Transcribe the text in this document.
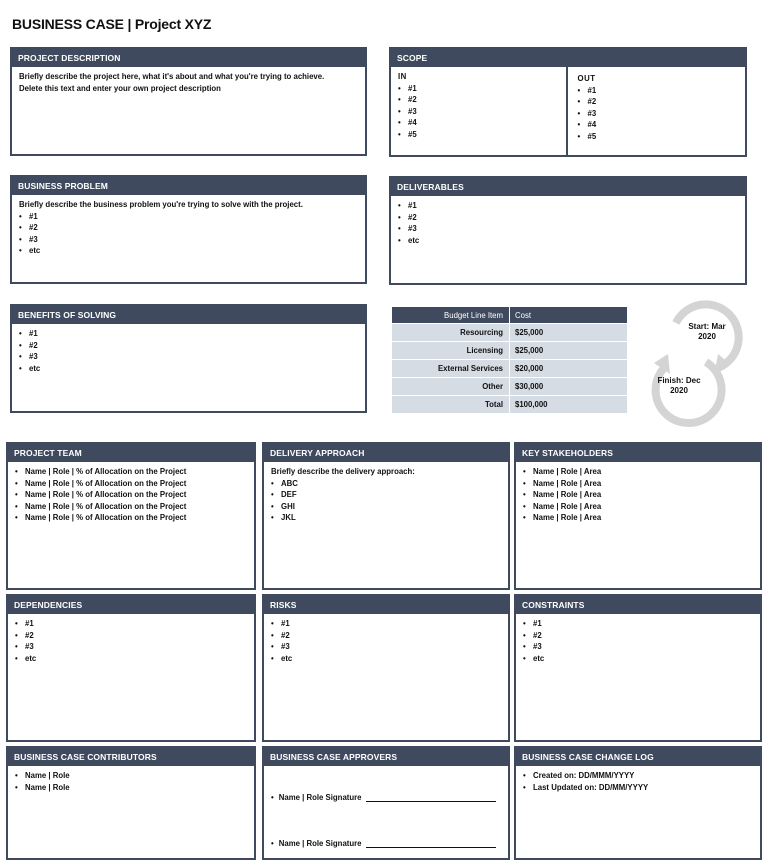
BUSINESS CASE | Project XYZ
PROJECT DESCRIPTION
Briefly describe the project here, what it's about and what you're trying to achieve.
Delete this text and enter your own project description
SCOPE
IN
• #1
• #2
• #3
• #4
• #5
OUT
• #1
• #2
• #3
• #4
• #5
BUSINESS PROBLEM
Briefly describe the business problem you're trying to solve with the project.
• #1
• #2
• #3
• etc
DELIVERABLES
• #1
• #2
• #3
• etc
BENEFITS OF SOLVING
• #1
• #2
• #3
• etc
Budget Line Item	Cost
Resourcing	$25,000
Licensing	$25,000
External Services	$20,000
Other	$30,000
Total	$100,000
Start: Mar
2020
Finish: Dec
2020
PROJECT TEAM
• Name | Role | % of Allocation on the Project
• Name | Role | % of Allocation on the Project
• Name | Role | % of Allocation on the Project
• Name | Role | % of Allocation on the Project
• Name | Role | % of Allocation on the Project
DELIVERY APPROACH
Briefly describe the delivery approach:
• ABC
• DEF
• GHI
• JKL
KEY STAKEHOLDERS
• Name | Role | Area
• Name | Role | Area
• Name | Role | Area
• Name | Role | Area
• Name | Role | Area
DEPENDENCIES
• #1
• #2
• #3
• etc
RISKS
• #1
• #2
• #3
• etc
CONSTRAINTS
• #1
• #2
• #3
• etc
BUSINESS CASE CONTRIBUTORS
• Name | Role
• Name | Role
BUSINESS CASE APPROVERS
• Name | Role Signature
• Name | Role Signature
BUSINESS CASE CHANGE LOG
• Created on: DD/MMM/YYYY
• Last Updated on: DD/MM/YYYY
